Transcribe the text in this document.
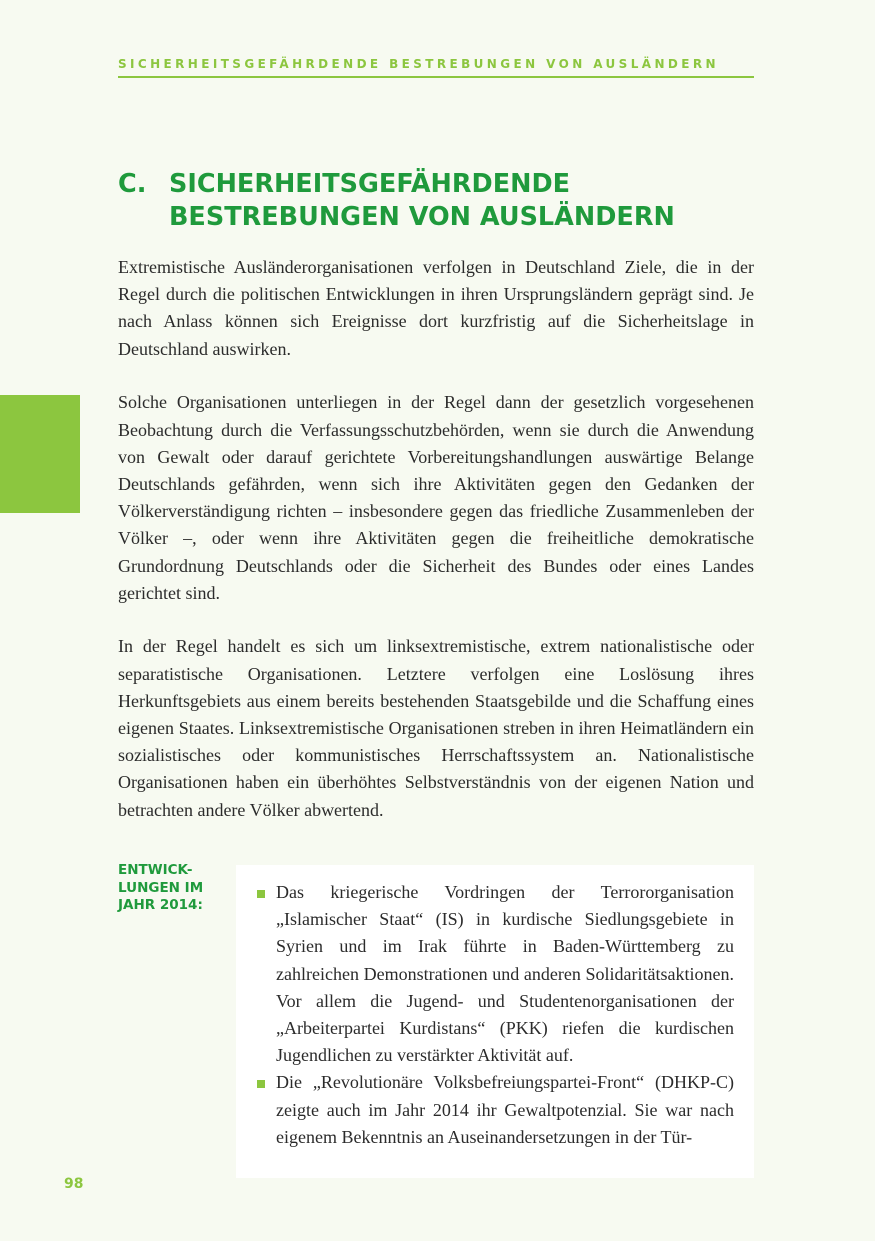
SICHERHEITSGEFÄHRDENDE BESTREBUNGEN VON AUSLÄNDERN
C. SICHERHEITSGEFÄHRDENDE
BESTREBUNGEN VON AUSLÄNDERN

Extremistische Ausländerorganisationen verfolgen in Deutschland Ziele, die in der Regel durch die politischen Entwicklungen in ihren Ursprungsländern geprägt sind. Je nach Anlass können sich Ereignisse dort kurzfristig auf die Sicherheitslage in Deutschland auswirken.

Solche Organisationen unterliegen in der Regel dann der gesetzlich vorgesehenen Beobachtung durch die Verfassungsschutzbehörden, wenn sie durch die Anwendung von Gewalt oder darauf gerichtete Vorbereitungshandlungen auswärtige Belange Deutschlands gefährden, wenn sich ihre Aktivitäten gegen den Gedanken der Völkerverständigung richten – insbesondere gegen das friedliche Zusammenleben der Völker –, oder wenn ihre Aktivitäten gegen die freiheitliche demokratische Grundordnung Deutschlands oder die Sicherheit des Bundes oder eines Landes gerichtet sind.

In der Regel handelt es sich um linksextremistische, extrem nationalistische oder separatistische Organisationen. Letztere verfolgen eine Loslösung ihres Herkunftsgebiets aus einem bereits bestehenden Staatsgebilde und die Schaffung eines eigenen Staates. Linksextremistische Organisationen streben in ihren Heimatländern ein sozialistisches oder kommunistisches Herrschaftssystem an. Nationalistische Organisationen haben ein überhöhtes Selbstverständnis von der eigenen Nation und betrachten andere Völker abwertend.

ENTWICK-
LUNGEN IM
JAHR 2014:
Das kriegerische Vordringen der Terrororganisation „Islamischer Staat“ (IS) in kurdische Siedlungsgebiete in Syrien und im Irak führte in Baden-Württemberg zu zahlreichen Demonstrationen und anderen Solidaritätsaktionen. Vor allem die Jugend- und Studentenorganisationen der „Arbeiterpartei Kurdistans“ (PKK) riefen die kurdischen Jugendlichen zu verstärkter Aktivität auf.
Die „Revolutionäre Volksbefreiungspartei-Front“ (DHKP-C) zeigte auch im Jahr 2014 ihr Gewaltpotenzial. Sie war nach eigenem Bekenntnis an Auseinandersetzungen in der Tür-
98
